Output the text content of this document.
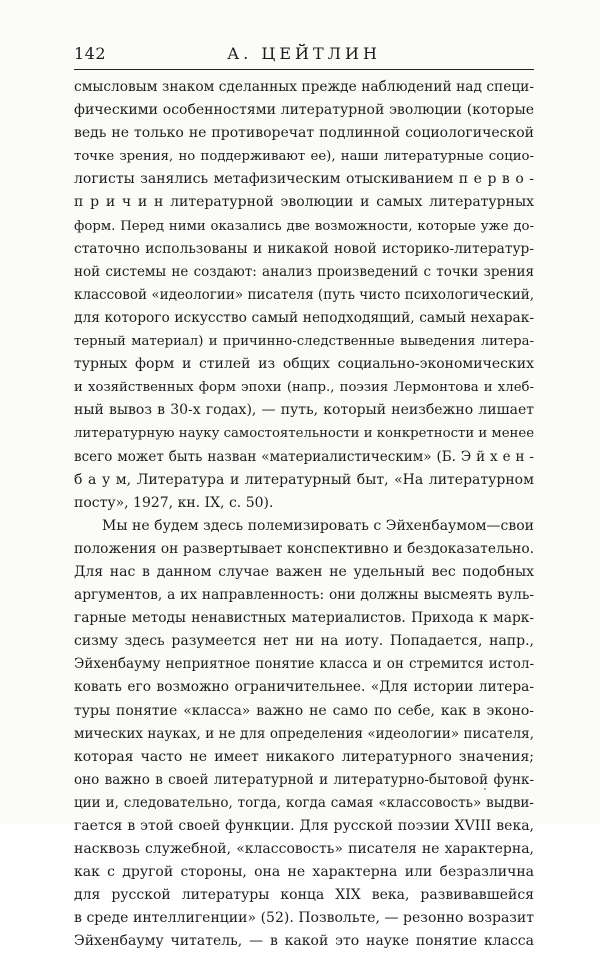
142	А. ЦЕЙТЛИН
смысловым знаком сделанных прежде наблюдений над специ-
фическими особенностями литературной эволюции (которые
ведь не только не противоречат подлинной социологической
точке зрения, но поддерживают ее), наши литературные социо-
логисты занялись метафизическим отыскиванием п е р в о -
п р и ч и н литературной эволюции и самых литературных
форм. Перед ними оказались две возможности, которые уже до-
статочно использованы и никакой новой историко-литератур-
ной системы не создают: анализ произведений с точки зрения
классовой «идеологии» писателя (путь чисто психологический,
для которого искусство самый неподходящий, самый нехарак-
терный материал) и причинно-следственные выведения литера-
турных форм и стилей из общих социально-экономических
и хозяйственных форм эпохи (напр., поэзия Лермонтова и хлеб-
ный вывоз в 30-х годах), — путь, который неизбежно лишает
литературную науку самостоятельности и конкретности и менее
всего может быть назван «материалистическим» (Б. Э й х е н -
б а у м, Литература и литературный быт, «На литературном
посту», 1927, кн. IX, с. 50).
Мы не будем здесь полемизировать с Эйхенбаумом—свои
положения он развертывает конспективно и бездоказательно.
Для нас в данном случае важен не удельный вес подобных
аргументов, а их направленность: они должны высмеять вуль-
гарные методы ненавистных материалистов. Прихода к марк-
сизму здесь разумеется нет ни на иоту. Попадается, напр.,
Эйхенбауму неприятное понятие класса и он стремится истол-
ковать его возможно ограничительнее. «Для истории литера-
туры понятие «класса» важно не само по себе, как в эконо-
мических науках, и не для определения «идеологии» писателя,
которая часто не имеет никакого литературного значения;
оно важно в своей литературной и литературно-бытовой функ-
ции и, следовательно, тогда, когда самая «классовость» выдви-
гается в этой своей функции. Для русской поэзии XVIII века,
насквозь служебной, «классовость» писателя не характерна,
как с другой стороны, она не характерна или безразлична
для русской литературы конца XIX века, развивавшейся
в среде интеллигенции» (52). Позвольте, — резонно возразит
Эйхенбауму читатель, — в какой это науке понятие класса
